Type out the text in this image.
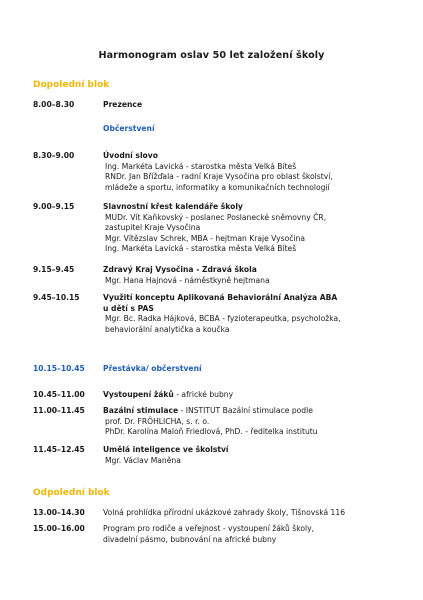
Harmonogram oslav 50 let založení školy
Dopolední blok
8.00–8.30	Prezence
Občerstvení
8.30–9.00	Úvodní slovo
Ing. Markéta Lavická - starostka města Velká Bíteš
RNDr. Jan Břížďala - radní Kraje Vysočina pro oblast školství,
mládeže a sportu, informatiky a komunikačních technologií
9.00–9.15	Slavnostní křest kalendáře školy
MUDr. Vít Kaňkovský - poslanec Poslanecké sněmovny ČR,
zastupitel Kraje Vysočina
Mgr. Vítězslav Schrek, MBA - hejtman Kraje Vysočina
Ing. Markéta Lavická - starostka města Velká Bíteš
9.15–9.45	Zdravý Kraj Vysočina - Zdravá škola
Mgr. Hana Hajnová - náměstkyně hejtmana
9.45–10.15	Využití konceptu Aplikovaná Behaviorální Analýza ABA
u dětí s PAS
Mgr. Bc. Radka Hájková, BCBA - fyzioterapeutka, psycholožka,
behaviorální analytička a koučka
10.15–10.45	Přestávka/ občerstvení
10.45–11.00	Vystoupení žáků - africké bubny
11.00–11.45	Bazální stimulace - INSTITUT Bazální stimulace podle
prof. Dr. FRÖHLICHA, s. r. o.
PhDr. Karolína Maloň Friedlová, PhD. - ředitelka institutu
11.45–12.45	Umělá inteligence ve školství
Mgr. Václav Maněna
Odpolední blok
13.00–14.30	Volná prohlídka přírodní ukázkové zahrady školy, Tišnovská 116
15.00–16.00	Program pro rodiče a veřejnost - vystoupení žáků školy,
divadelní pásmo, bubnování na africké bubny
